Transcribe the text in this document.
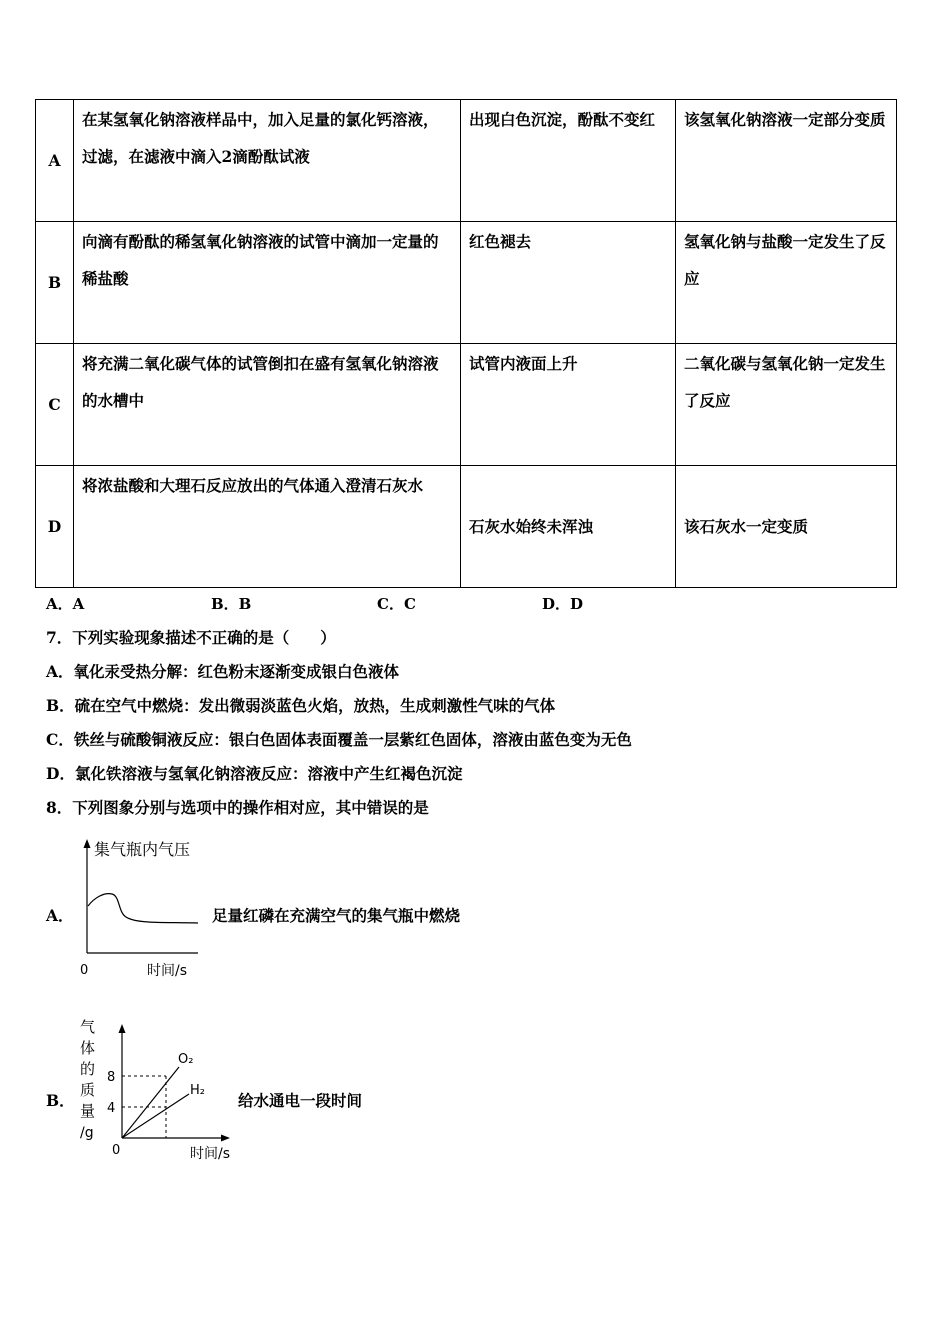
A	在某氢氧化钠溶液样品中，加入足量的氯化钙溶液，过滤，在滤液中滴入2滴酚酞试液	出现白色沉淀，酚酞不变红	该氢氧化钠溶液一定部分变质

B	向滴有酚酞的稀氢氧化钠溶液的试管中滴加一定量的稀盐酸	红色褪去	氢氧化钠与盐酸一定发生了反应

C	将充满二氧化碳气体的试管倒扣在盛有氢氧化钠溶液的水槽中	试管内液面上升	二氧化碳与氢氧化钠一定发生了反应

D	将浓盐酸和大理石反应放出的气体通入澄清石灰水	石灰水始终未浑浊	该石灰水一定变质
A．A	B．B	C．C	D．D
7．下列实验现象描述不正确的是（　　）
A．氧化汞受热分解：红色粉末逐渐变成银白色液体
B．硫在空气中燃烧：发出微弱淡蓝色火焰，放热，生成刺激性气味的气体
C．铁丝与硫酸铜液反应：银白色固体表面覆盖一层紫红色固体，溶液由蓝色变为无色
D．氯化铁溶液与氢氧化钠溶液反应：溶液中产生红褐色沉淀
8．下列图象分别与选项中的操作相对应，其中错误的是
A．
集气瓶内气压
0	时间/s
足量红磷在充满空气的集气瓶中燃烧
B．
气
体
的
质
量
/g
8
4
O₂
H₂
0	时间/s
给水通电一段时间
